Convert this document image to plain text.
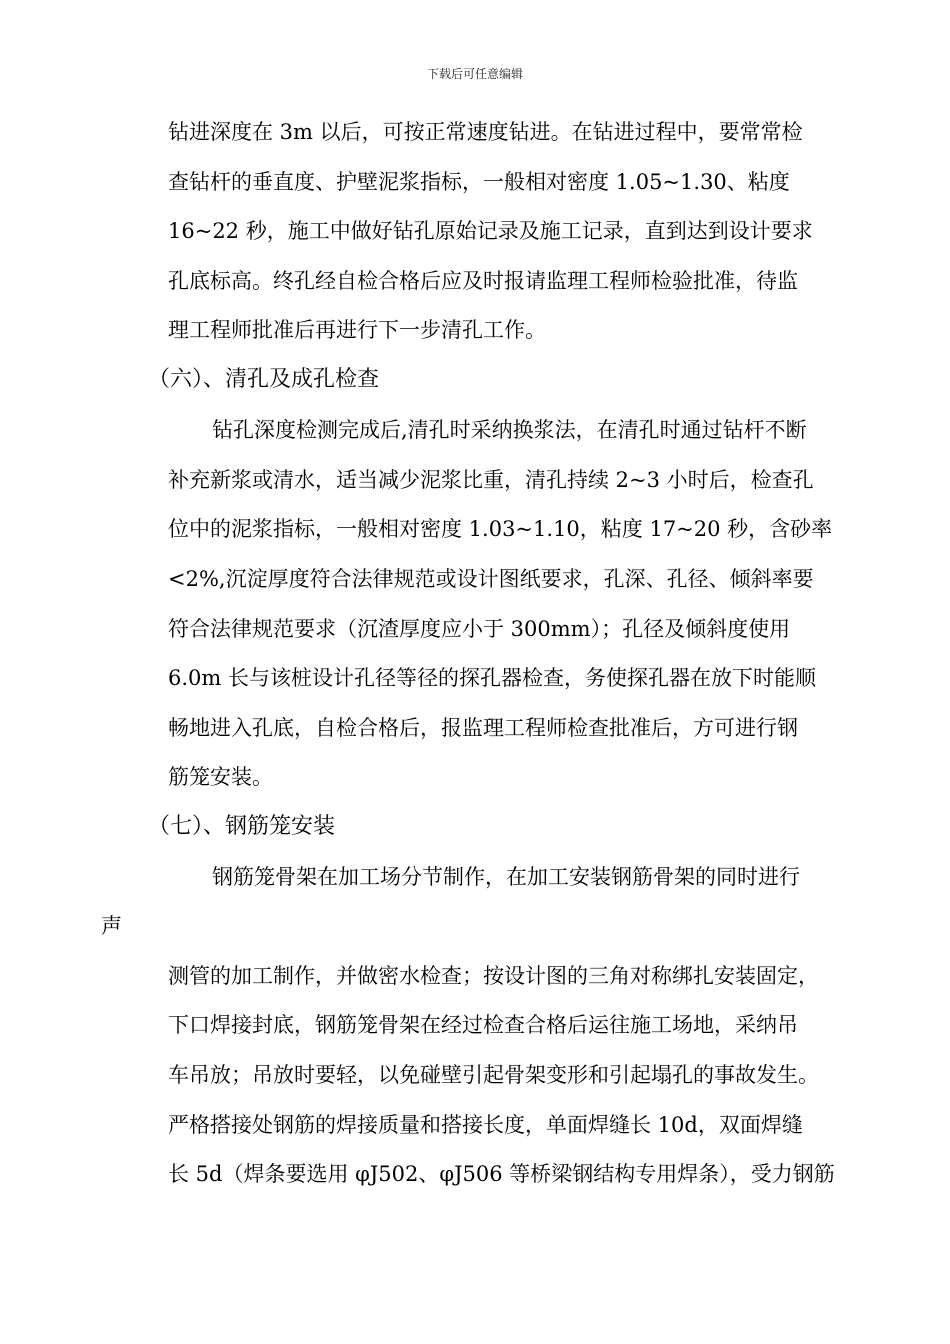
下载后可任意编辑
钻进深度在 3m 以后，可按正常速度钻进。在钻进过程中，要常常检
查钻杆的垂直度、护壁泥浆指标，一般相对密度 1.05~1.30、粘度
16~22 秒，施工中做好钻孔原始记录及施工记录，直到达到设计要求
孔底标高。终孔经自检合格后应及时报请监理工程师检验批准，待监
理工程师批准后再进行下一步清孔工作。
（六）、清孔及成孔检查
钻孔深度检测完成后,清孔时采纳换浆法，在清孔时通过钻杆不断
补充新浆或清水，适当减少泥浆比重，清孔持续 2~3 小时后，检查孔
位中的泥浆指标，一般相对密度 1.03~1.10，粘度 17~20 秒，含砂率
<2%,沉淀厚度符合法律规范或设计图纸要求，孔深、孔径、倾斜率要
符合法律规范要求（沉渣厚度应小于 300mm）；孔径及倾斜度使用
6.0m 长与该桩设计孔径等径的探孔器检查，务使探孔器在放下时能顺
畅地进入孔底，自检合格后，报监理工程师检查批准后，方可进行钢
筋笼安装。
（七）、钢筋笼安装
钢筋笼骨架在加工场分节制作，在加工安装钢筋骨架的同时进行
声
测管的加工制作，并做密水检查；按设计图的三角对称绑扎安装固定，
下口焊接封底，钢筋笼骨架在经过检查合格后运往施工场地，采纳吊
车吊放；吊放时要轻，以免碰壁引起骨架变形和引起塌孔的事故发生。
严格搭接处钢筋的焊接质量和搭接长度，单面焊缝长 10d，双面焊缝
长 5d（焊条要选用 φJ502、φJ506 等桥梁钢结构专用焊条），受力钢筋
